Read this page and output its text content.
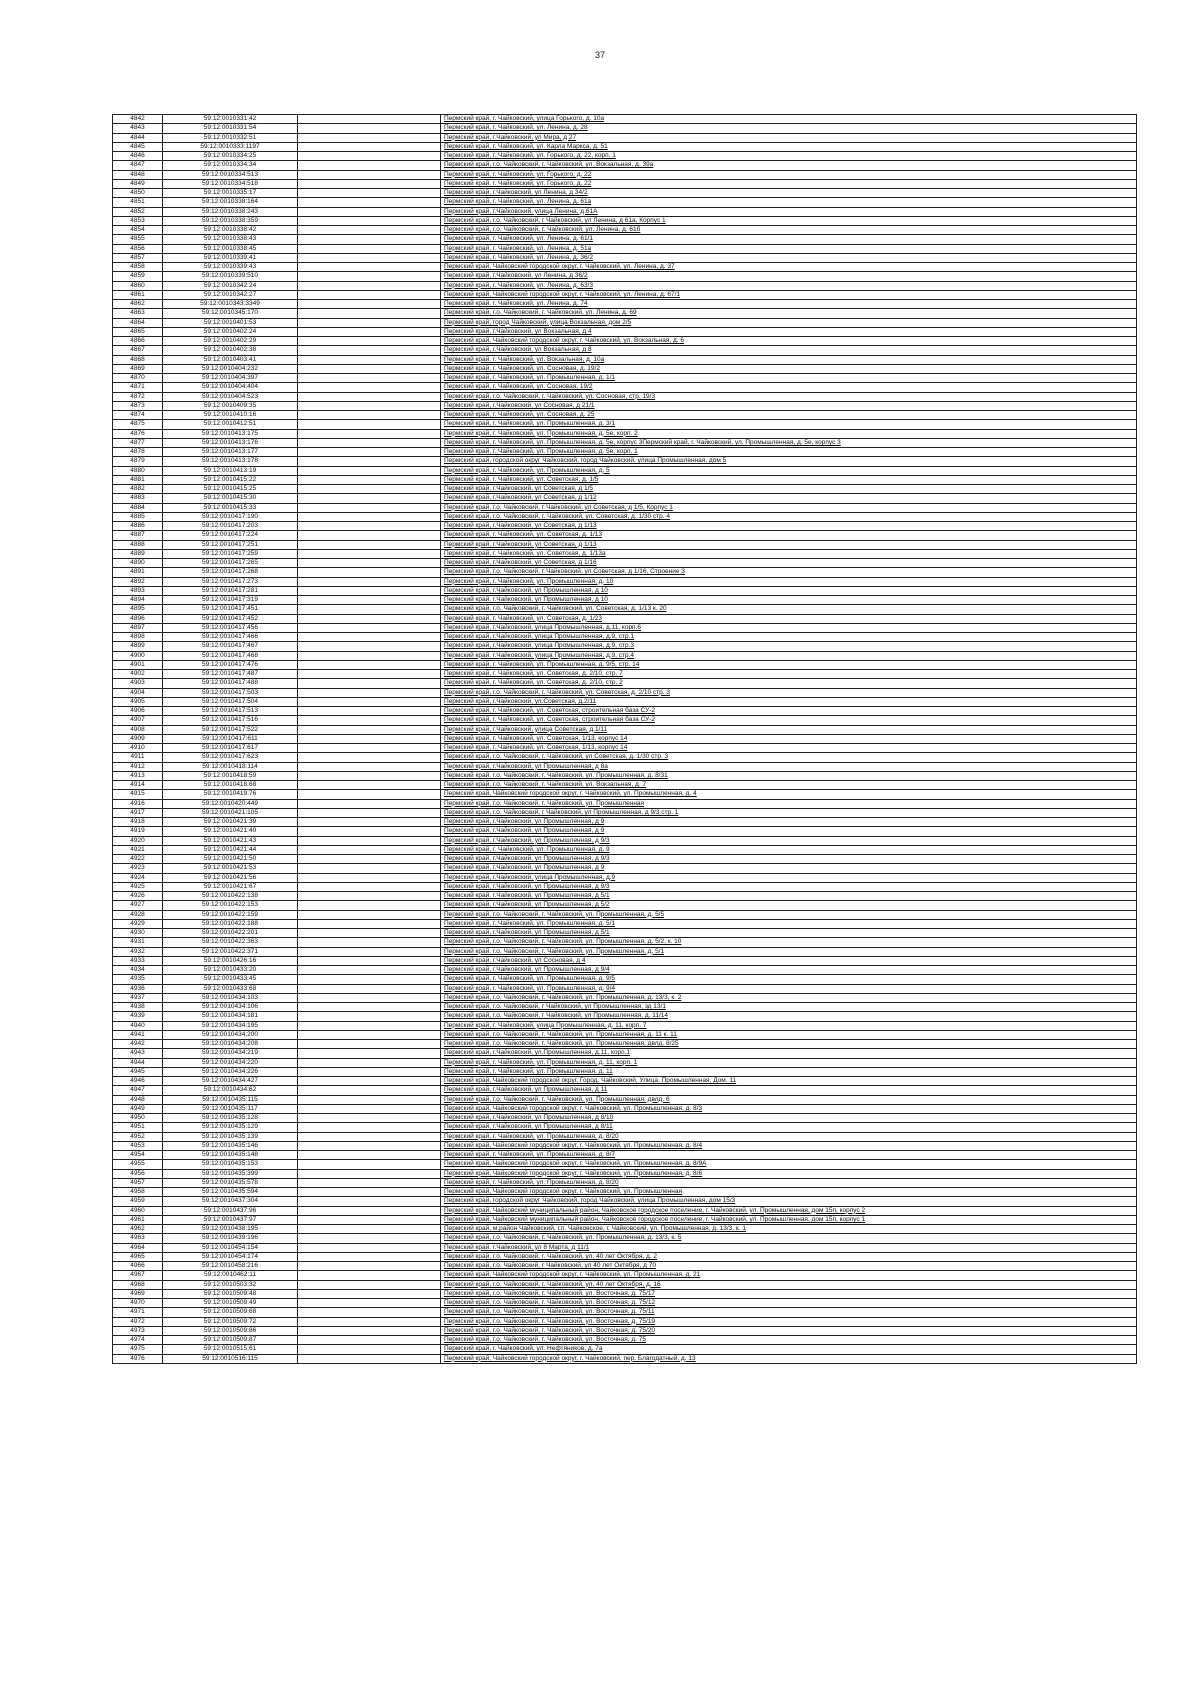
37
4842	59:12:0010331:42		Пермский край, г. Чайковский, улица Горького, д. 10а
4843	59:12:0010331:54		Пермский край, г. Чайковский, ул. Ленина, д. 28
4844	59:12:0010332:51		Пермский край, г.Чайковский, ул Мира, д 27
4845	59:12:0010333:1197		Пермский край, г. Чайковский, ул. Карла Маркса, д. 51
4846	59:12:0010334:25		Пермский край, г. Чайковский, ул. Горького, д. 22, корп. 1
4847	59:12:0010334:34		Пермский край, г.о. Чайковский, г. Чайковский, ул. Вокзальная, д. 39а
4848	59:12:0010334:513		Пермский край, г. Чайковский, ул. Горького, д. 22
4849	59:12:0010334:518		Пермский край, г. Чайковский, ул. Горького, д. 22
4850	59:12:0010335:17		Пермский край, г.Чайковский, ул Ленина, д 34/2
4851	59:12:0010338:164		Пермский край, г. Чайковский, ул. Ленина, д. 61а
4852	59:12:0010338:243		Пермский край, г.Чайковский, улица Ленина, д.61А
4853	59:12:0010338:359		Пермский край, г.о. Чайковский, г Чайковский, ул Ленина, д 61а, Корпус 1
4854	59:12:0010338:42		Пермский край, г.о. Чайковский, г. Чайковский, ул. Ленина, д. 61б
4855	59:12:0010338:43		Пермский край, г. Чайковский, ул. Ленина, д. 61/1
4856	59:12:0010338:45		Пермский край, г. Чайковский, ул. Ленина, д. 51а
4857	59:12:0010339:41		Пермский край, г. Чайковский, ул. Ленина, д. 36/2
4858	59:12:0010339:43		Пермский край, Чайковский городской округ, г. Чайковский, ул. Ленина, д. 37
4859	59:12:0010339:510		Пермский край, г.Чайковский, ул Ленина, д 36/2
4860	59:12:0010342:24		Пермский край, г. Чайковский, ул. Ленина, д. 63/3
4861	59:12:0010342:27		Пермский край, Чайковский городской округ, г. Чайковский, ул. Ленина, д. 67/1
4862	59:12:0010343:3349		Пермский край, г. Чайковский, ул. Ленина, д. 74
4863	59:12:0010345:170		Пермский край, г.о. Чайковский, г. Чайковский, ул. Ленина, д. 69
4864	59:12:0010401:53		Пермский край, город Чайковский, улица Вокзальная, дом 2/5
4865	59:12:0010402:24		Пермский край, г.Чайковский, ул Вокзальная, д 4
4866	59:12:0010402:29		Пермский край, Чайковский городской округ, г. Чайковский, ул. Вокзальная, д. 6
4867	59:12:0010402:38		Пермский край, г.Чайковский, ул Вокзальная, д 8
4868	59:12:0010403:41		Пермский край, г. Чайковский, ул. Вокзальная, д. 10а
4869	59:12:0010404:232		Пермский край, г. Чайковский, ул. Сосновая, д. 19/2
4870	59:12:0010404:397		Пермский край, г. Чайковский, ул. Промышленная, д. 1/1
4871	59:12:0010404:404		Пермский край, г. Чайковский, ул. Сосновая, 19/2
4872	59:12:0010404:523		Пермский край, г.о. Чайковский, г. Чайковский, ул. Сосновая, стр. 19/3
4873	59:12:0010409:35		Пермский край, г.Чайковский, ул Сосновая, д 21/1
4874	59:12:0010410:16		Пермский край, г. Чайковский, ул. Сосновая, д. 25
4875	59:12:0010412:51		Пермский край, г. Чайковский, ул. Промышленная, д. 3/1
4876	59:12:0010413:175		Пермский край, г. Чайковский, ул. Промышленная, д. 5е, корп. 2
4877	59:12:0010413:176		Пермский край, г. Чайковский, ул. Промышленная, д. 5е, корпус 3Пермский край, г. Чайковский, ул. Промышленная, д. 5е, корпус 3
4878	59:12:0010413:177		Пермский край, г. Чайковский, ул. Промышленная, д. 5е, корп. 1
4879	59:12:0010413:178		Пермский край, городской округ Чайковский, город Чайковский, улица Промышленная, дом 5
4880	59:12:0010413:19		Пермский край, г. Чайковский, ул. Промышленная, д. 5
4881	59:12:0010415:22		Пермский край, г. Чайковский, ул. Советская, д. 1/5
4882	59:12:0010415:25		Пермский край, г.Чайковский, ул Советская, д 1/5
4883	59:12:0010415:30		Пермский край, г.Чайковский, ул Советская, д 1/12
4884	59:12:0010415:33		Пермский край, г.о. Чайковский, г Чайковский, ул Советская, д 1/5, Корпус 1
4885	59:12:0010417:190		Пермский край, г.о. Чайковский, г. Чайковский, ул. Советская, д. 1/30 стр. 4
4886	59:12:0010417:203		Пермский край, г.Чайковский, ул Советская, д 1/13
4887	59:12:0010417:224		Пермский край, г. Чайковский, ул. Советская, д. 1/13
4888	59:12:0010417:251		Пермский край, г.Чайковский, ул Советская, д 1/13
4889	59:12:0010417:259		Пермский край, г. Чайковский, ул. Советская, д. 1/13а
4890	59:12:0010417:265		Пермский край, г.Чайковский, ул Советская, д 1/16
4891	59:12:0010417:268		Пермский край, г.о. Чайковский, г Чайковский, ул Советская, д 1/16, Строение 3
4892	59:12:0010417:273		Пермский край, г. Чайковский, ул. Промышленная, д. 10
4893	59:12:0010417:281		Пермский край, г.Чайковский, ул Промышленная, д 10
4894	59:12:0010417:319		Пермский край, г.Чайковский, ул Промышленная, д 10
4895	59:12:0010417:451		Пермский край, г.о. Чайковский, г. Чайковский, ул. Советская, д. 1/13 к. 20
4896	59:12:0010417:452		Пермский край, г. Чайковский, ул. Советская, д. 1/23
4897	59:12:0010417:456		Пермский край, г.Чайковский, улица Промышленная, д.11, корп.6
4898	59:12:0010417:466		Пермский край, г.Чайковский, улица Промышленная, д.9, стр.1
4899	59:12:0010417:467		Пермский край, г.Чайковский, улица Промышленная, д.9, стр.3
4900	59:12:0010417:468		Пермский край, г.Чайковский, улица Промышленная, д.9, стр.4
4901	59:12:0010417:476		Пермский край, г. Чайковский, ул. Промышленная, д. 9/5, стр. 14
4902	59:12:0010417:487		Пермский край, г. Чайковский, ул. Советская, д. 2/10, стр. 7
4903	59:12:0010417:488		Пермский край, г. Чайковский, ул. Советская, д. 2/10, стр. 2
4904	59:12:0010417:503		Пермский край, г.о. Чайковский, г. Чайковский, ул. Советская, д. 2/10 стр. 3
4905	59:12:0010417:504		Пермский край, г.Чайковский, ул.Советская, д.2/11
4906	59:12:0010417:513		Пермский край, г. Чайковский, ул. Советская, строительная база СУ-2
4907	59:12:0010417:516		Пермский край, г. Чайковский, ул. Советская, строительная база СУ-2
4908	59:12:0010417:522		Пермский край, г.Чайковский, улица Советская, д.1/11
4909	59:12:0010417:611		Пермский край, г. Чайковский, ул. Советская, 1/13, корпус 14
4910	59:12:0010417:617		Пермский край, г. Чайковский, ул. Советская, 1/13, корпус 14
4911	59:12:0010417:623		Пермский край, г.о. Чайковский, г. Чайковский, ул Советская, д. 1/30 стр. 3
4912	59:12:0010418:114		Пермский край, г.Чайковский, ул Промышленная, д 8а
4913	59:12:0010418:59		Пермский край, г.о. Чайковский, г. Чайковский, ул. Промышленная, д. 8/31
4914	59:12:0010418:68		Пермский край, г.о. Чайковский, г. Чайковский, ул. Вокзальная, д. 7
4915	59:12:0010419:76		Пермский край, Чайковский городской округ, г. Чайковский, ул. Промышленная, д. 4
4916	59:12:0010420:449		Пермский край, г.о. Чайковский, г. Чайковский, ул. Промышленная
4917	59:12:0010421:105		Пермский край, г.о. Чайковский, г Чайковский, ул Промышленная, д 9/3 стр. 1
4918	59:12:0010421:39		Пермский край, г.Чайковский, ул Промышленная, д 9
4919	59:12:0010421:40		Пермский край, г.Чайковский, ул Промышленная, д 9
4920	59:12:0010421:43		Пермский край, г.Чайковский, ул Промышленная, д 9/3
4921	59:12:0010421:44		Пермский край, г. Чайковский, ул. Промышленная, д. 9
4922	59:12:0010421:50		Пермский край, г.Чайковский, ул Промышленная, д 9/3
4923	59:12:0010421:53		Пермский край, г.Чайковский, ул Промышленная, д 9
4924	59:12:0010421:56		Пермский край, г.Чайковский, улица Промышленная, д.9
4925	59:12:0010421:67		Пермский край, г.Чайковский, ул Промышленная, д 9/3
4926	59:12:0010422:138		Пермский край, г.Чайковский, ул Промышленная, д 5/1
4927	59:12:0010422:153		Пермский край, г.Чайковский, ул Промышленная, д 5/2
4928	59:12:0010422:159		Пермский край, г.о. Чайковский, г. Чайковский, ул. Промышленная, д. 5/5
4929	59:12:0010422:188		Пермский край, г. Чайковский, ул. Промышленная, д. 5/1
4930	59:12:0010422:201		Пермский край, г.Чайковский, ул Промышленная, д 5/1
4931	59:12:0010422:363		Пермский край, г.о. Чайковский, г. Чайковский, ул. Промышленная, д. 5/2, к. 10
4932	59:12:0010422:371		Пермский край, г.о. Чайковский, г. Чайковский, ул. Промышленная, д. 5/1
4933	59:12:0010426:16		Пермский край, г.Чайковский, ул Сосновая, д 4
4934	59:12:0010433:20		Пермский край, г.Чайковский, ул Промышленная, д 9/4
4935	59:12:0010433:45		Пермский край, г. Чайковский, ул. Промышленная, д. 9/5
4936	59:12:0010433:68		Пермский край, г. Чайковский, ул. Промышленная, д. 9/4
4937	59:12:0010434:103		Пермский край, г.о. Чайковский, г. Чайковский, ул. Промышленная, д. 13/3, к. 2
4938	59:12:0010434:106		Пермский край, г.о. Чайковский, г Чайковский, ул Промышленная, зд 13/1
4939	59:12:0010434:181		Пермский край, г.о. Чайковский, г Чайковский, ул Промышленная, д. 11/14
4940	59:12:0010434:195		Пермский край, г. Чайковский, улица Промышленная, д. 11, корп. 7
4941	59:12:0010434:200		Пермский край, г.о. Чайковский, г. Чайковский, ул. Промышленная, д. 11 к. 11
4942	59:12:0010434:208		Пермский край, г.о. Чайковский, г. Чайковский, ул. Промышленная, двлд. 8/25
4943	59:12:0010434:219		Пермский край, г.Чайковский, ул.Промышленная, д.11, корп.1
4944	59:12:0010434:220		Пермский край, г. Чайковский, ул. Промышленная, д. 11, корп. 1
4945	59:12:0010434:226		Пермский край, г. Чайковский, ул. Промышленная, д. 11
4946	59:12:0010434:427		Пермский край, Чайковский городской округ, Город. Чайковский, Улица. Промышленная, Дом. 11
4947	59:12:0010434:62		Пермский край, г.Чайковский, ул Промышленная, д 11
4948	59:12:0010435:115		Пермский край, г.о. Чайковский, г. Чайковский, ул. Промышленная, двлд. 6
4949	59:12:0010435:117		Пермский край, Чайковский городской округ, г. Чайковский, ул. Промышленная, д. 8/3
4950	59:12:0010435:128		Пермский край, г.Чайковский, ул Промышленная, д 8/10
4951	59:12:0010435:129		Пермский край, г.Чайковский, ул Промышленная, д 8/11
4952	59:12:0010435:139		Пермский край, г. Чайковский, ул. Промышленная, д. 8/20
4953	59:12:0010435:146		Пермский край, Чайковский городской округ, г. Чайковский, ул. Промышленная, д. 8/4
4954	59:12:0010435:148		Пермский край, г. Чайковский, ул. Промышленная, д. 8/7
4955	59:12:0010435:153		Пермский край, Чайковский городской округ, г. Чайковский, ул. Промышленная, д. 8/9А
4956	59:12:0010435:399		Пермский край, Чайковский городской округ, г. Чайковский, ул. Промышленная, д. 8/6
4957	59:12:0010435:578		Пермский край, г. Чайковский, ул. Промышленная, д. 8/20
4958	59:12:0010435:594		Пермский край, Чайковский городской округ, г. Чайковский, ул. Промышленная
4959	59:12:0010437:304		Пермский край, городской округ Чайковский, город Чайковский, улица Промышленная, дом 15/3
4960	59:12:0010437:96		Пермский край, Чайковский муниципальный район, Чайковское городское поселение, г. Чайковский, ул. Промышленная, дом 15п, корпус 2
4961	59:12:0010437:97		Пермский край, Чайковский муниципальный район, Чайковское городское поселение, г. Чайковский, ул. Промышленная, дом 15п, корпус 1
4962	59:12:0010438:195		Пермский край, м.район Чайковский, г.п. Чайковское, г. Чайковский, ул. Промышленная, д. 13/3, к. 1
4963	59:12:0010439:196		Пермский край, г.о. Чайковский, г. Чайковский, ул. Промышленная, д. 13/3, к. 5
4964	59:12:0010454:154		Пермский край, г.Чайковский, ул 8 Марта, д 11/1
4965	59:12:0010454:174		Пермский край, г.о. Чайковский, г. Чайковский, ул. 40 лет Октября, д. 2
4966	59:12:0010458:216		Пермский край, г.о. Чайковский, г Чайковский, ул 40 лет Октября, д 70
4967	59:12:0010462:11		Пермский край, Чайковский городской округ, г. Чайковский, ул. Промышленная, д. 21
4968	59:12:0010503:32		Пермский край, г.о. Чайковский, г. Чайковский, ул. 40 лет Октября, д. 16
4969	59:12:0010509:48		Пермский край, г.о. Чайковский, г. Чайковский, ул. Восточная, д. 75/17
4970	59:12:0010509:49		Пермский край, г.о. Чайковский, г. Чайковский, ул. Восточная, д. 75/12
4971	59:12:0010509:68		Пермский край, г.о. Чайковский, г. Чайковский, ул. Восточная, д. 75/11
4972	59:12:0010509:72		Пермский край, г.о. Чайковский, г. Чайковский, ул. Восточная, д. 75/19
4973	59:12:0010509:86		Пермский край, г.о. Чайковский, г. Чайковский, ул. Восточная, д. 75/20
4974	59:12:0010509:87		Пермский край, г.о. Чайковский, г. Чайковский, ул. Восточная, д. 75
4975	59:12:0010515:61		Пермский край, г. Чайковский, ул. Нефтяников, д. 7а
4976	59:12:0010516:115		Пермский край, Чайковский городской округ, г. Чайковский, пер. Благодатный, д. 13
